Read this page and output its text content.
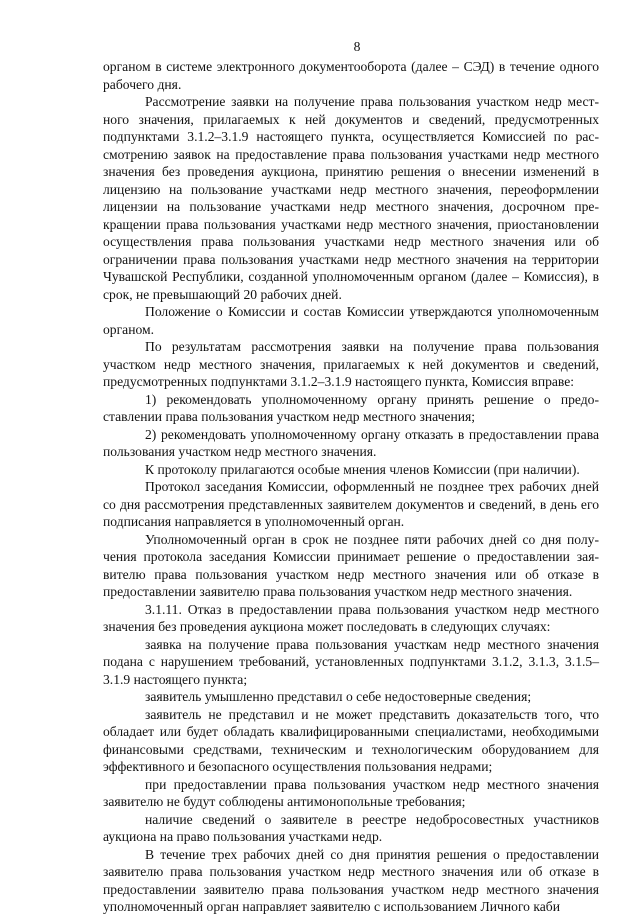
8

органом в системе электронного документооборота (далее – СЭД) в течение одного рабочего дня.

Рассмотрение заявки на получение права пользования участком недр местного значения, прилагаемых к ней документов и сведений, предусмотренных подпунктами 3.1.2–3.1.9 настоящего пункта, осуществляется Комиссией по рассмотрению заявок на предоставление права пользования участками недр местного значения без проведения аукциона, принятию решения о внесении изменений в лицензию на пользование участками недр местного значения, переоформлении лицензии на пользование участками недр местного значения, досрочном прекращении права пользования участками недр местного значения, приостановлении осуществления права пользования участками недр местного значения или об ограничении права пользования участками недр местного значения на территории Чувашской Республики, созданной уполномоченным органом (далее – Комиссия), в срок, не превышающий 20 рабочих дней.

Положение о Комиссии и состав Комиссии утверждаются уполномоченным органом.

По результатам рассмотрения заявки на получение права пользования участком недр местного значения, прилагаемых к ней документов и сведений, предусмотренных подпунктами 3.1.2–3.1.9 настоящего пункта, Комиссия вправе:

1) рекомендовать уполномоченному органу принять решение о предоставлении права пользования участком недр местного значения;

2) рекомендовать уполномоченному органу отказать в предоставлении права пользования участком недр местного значения.

К протоколу прилагаются особые мнения членов Комиссии (при наличии).

Протокол заседания Комиссии, оформленный не позднее трех рабочих дней со дня рассмотрения представленных заявителем документов и сведений, в день его подписания направляется в уполномоченный орган.

Уполномоченный орган в срок не позднее пяти рабочих дней со дня получения протокола заседания Комиссии принимает решение о предоставлении заявителю права пользования участком недр местного значения или об отказе в предоставлении заявителю права пользования участком недр местного значения.

3.1.11. Отказ в предоставлении права пользования участком недр местного значения без проведения аукциона может последовать в следующих случаях:

заявка на получение права пользования участкам недр местного значения подана с нарушением требований, установленных подпунктами 3.1.2, 3.1.3, 3.1.5–3.1.9 настоящего пункта;

заявитель умышленно представил о себе недостоверные сведения;

заявитель не представил и не может представить доказательств того, что обладает или будет обладать квалифицированными специалистами, необходимыми финансовыми средствами, техническим и технологическим оборудованием для эффективного и безопасного осуществления пользования недрами;

при предоставлении права пользования участком недр местного значения заявителю не будут соблюдены антимонопольные требования;

наличие сведений о заявителе в реестре недобросовестных участников аукциона на право пользования участками недр.

В течение трех рабочих дней со дня принятия решения о предоставлении заявителю права пользования участком недр местного значения или об отказе в предоставлении заявителю права пользования участком недр местного значения уполномоченный орган направляет заявителю с использованием Личного каби
